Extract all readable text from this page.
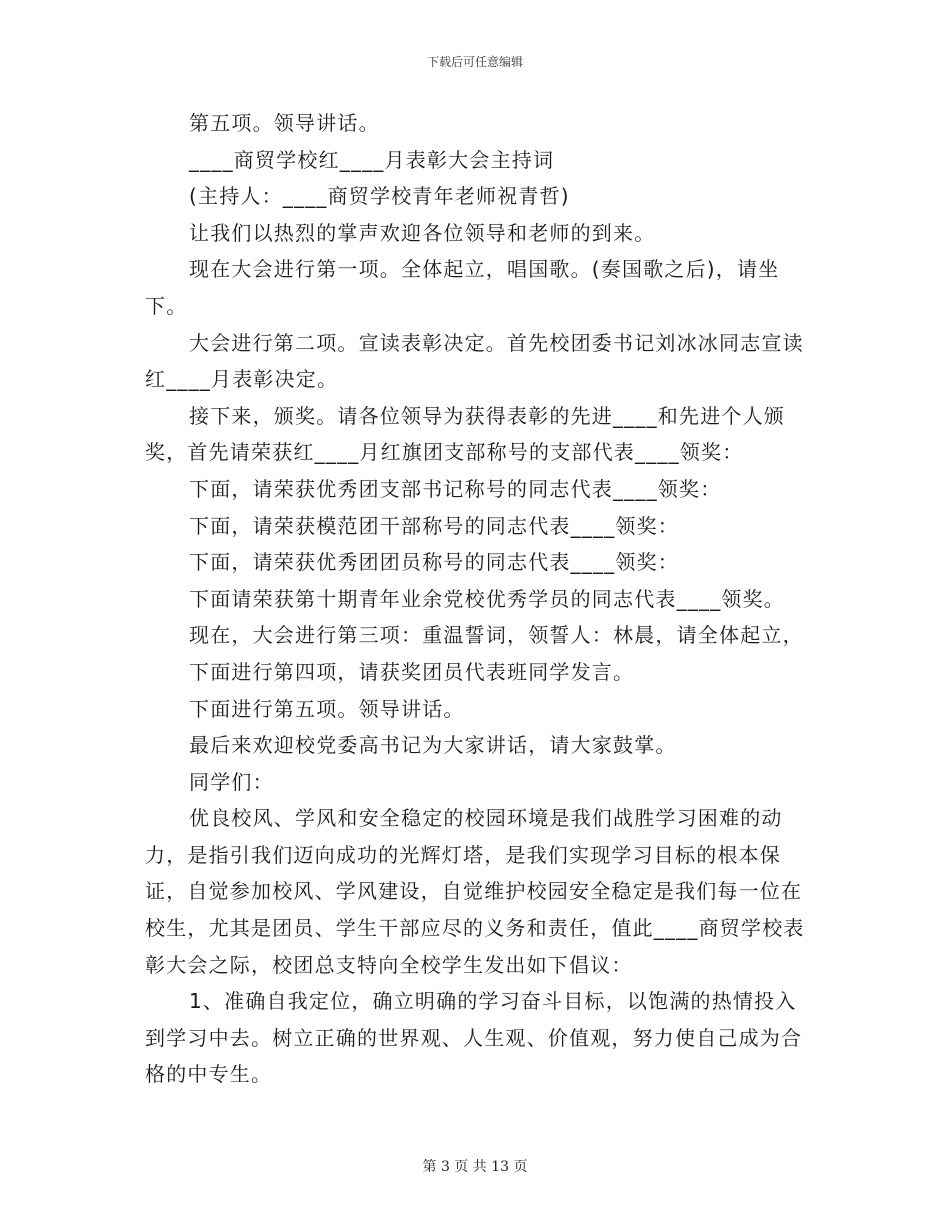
下载后可任意编辑

第五项。领导讲话。

____商贸学校红____月表彰大会主持词

(主持人：____商贸学校青年老师祝青哲)

让我们以热烈的掌声欢迎各位领导和老师的到来。

现在大会进行第一项。全体起立，唱国歌。(奏国歌之后)，请坐下。

大会进行第二项。宣读表彰决定。首先校团委书记刘冰冰同志宣读红____月表彰决定。

接下来，颁奖。请各位领导为获得表彰的先进____和先进个人颁奖，首先请荣获红____月红旗团支部称号的支部代表____领奖：

下面，请荣获优秀团支部书记称号的同志代表____领奖：

下面，请荣获模范团干部称号的同志代表____领奖：

下面，请荣获优秀团团员称号的同志代表____领奖：

下面请荣获第十期青年业余党校优秀学员的同志代表____领奖。

现在，大会进行第三项：重温誓词，领誓人：林晨，请全体起立，

下面进行第四项，请获奖团员代表班同学发言。

下面进行第五项。领导讲话。

最后来欢迎校党委高书记为大家讲话，请大家鼓掌。

同学们：

优良校风、学风和安全稳定的校园环境是我们战胜学习困难的动力，是指引我们迈向成功的光辉灯塔，是我们实现学习目标的根本保证，自觉参加校风、学风建设，自觉维护校园安全稳定是我们每一位在校生，尤其是团员、学生干部应尽的义务和责任，值此____商贸学校表彰大会之际，校团总支特向全校学生发出如下倡议：

1、准确自我定位，确立明确的学习奋斗目标，以饱满的热情投入到学习中去。树立正确的世界观、人生观、价值观，努力使自己成为合格的中专生。

第 3 页 共 13 页
